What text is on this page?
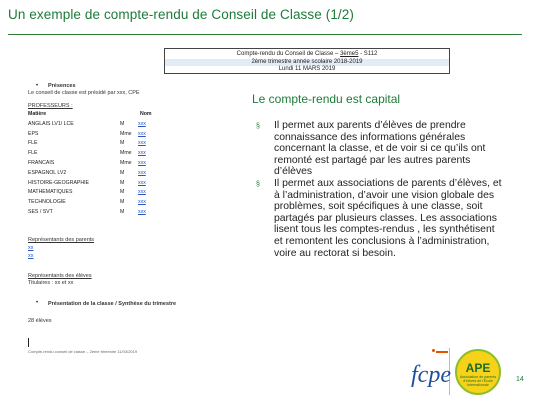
Un exemple de compte-rendu de Conseil de Classe (1/2)
Compte-rendu du Conseil de Classe – 3ème5 - S112
2ème trimestre année scolaire 2018-2019
Lundi 11 MARS 2019
• Présences
Le conseil de classe est présidé par xxx, CPE
PROFESSEURS :
Matière	Nom
ANGLAIS LV1/ LCE	M	xxx
EPS	Mme	xxx
FLE	M	xxx
FLE	Mme	xxx
FRANCAIS	Mme	xxx
ESPAGNOL LV2	M	xxx
HISTOIRE-GEOGRAPHIE	M	xxx
MATHEMATIQUES	M	xxx
TECHNOLOGIE	M	xxx
SES / SVT	M	xxx
Représentants des parents
xx
xx
Représentants des élèves
Titulaires : xx et xx
• Présentation de la classe / Synthèse du trimestre
28 élèves
Compte-rendu conseil de classe – 2ème trimestre 11/03/2019
Le compte-rendu est capital
§ Il permet aux parents d’élèves de prendre connaissance des informations générales concernant la classe, et de voir si ce qu’ils ont remonté est partagé par les autres parents d’élèves
§ Il permet aux associations de parents d’élèves, et à l’administration, d’avoir une vision globale des problèmes, soit spécifiques à une classe, soit partagés par plusieurs classes. Les associations lisent tous les comptes-rendus , les synthétisent et remontent les conclusions à l’administration, voire au rectorat si besoin.
fcpe	APE
Association de parents d’élèves de l’École Internationale
14
